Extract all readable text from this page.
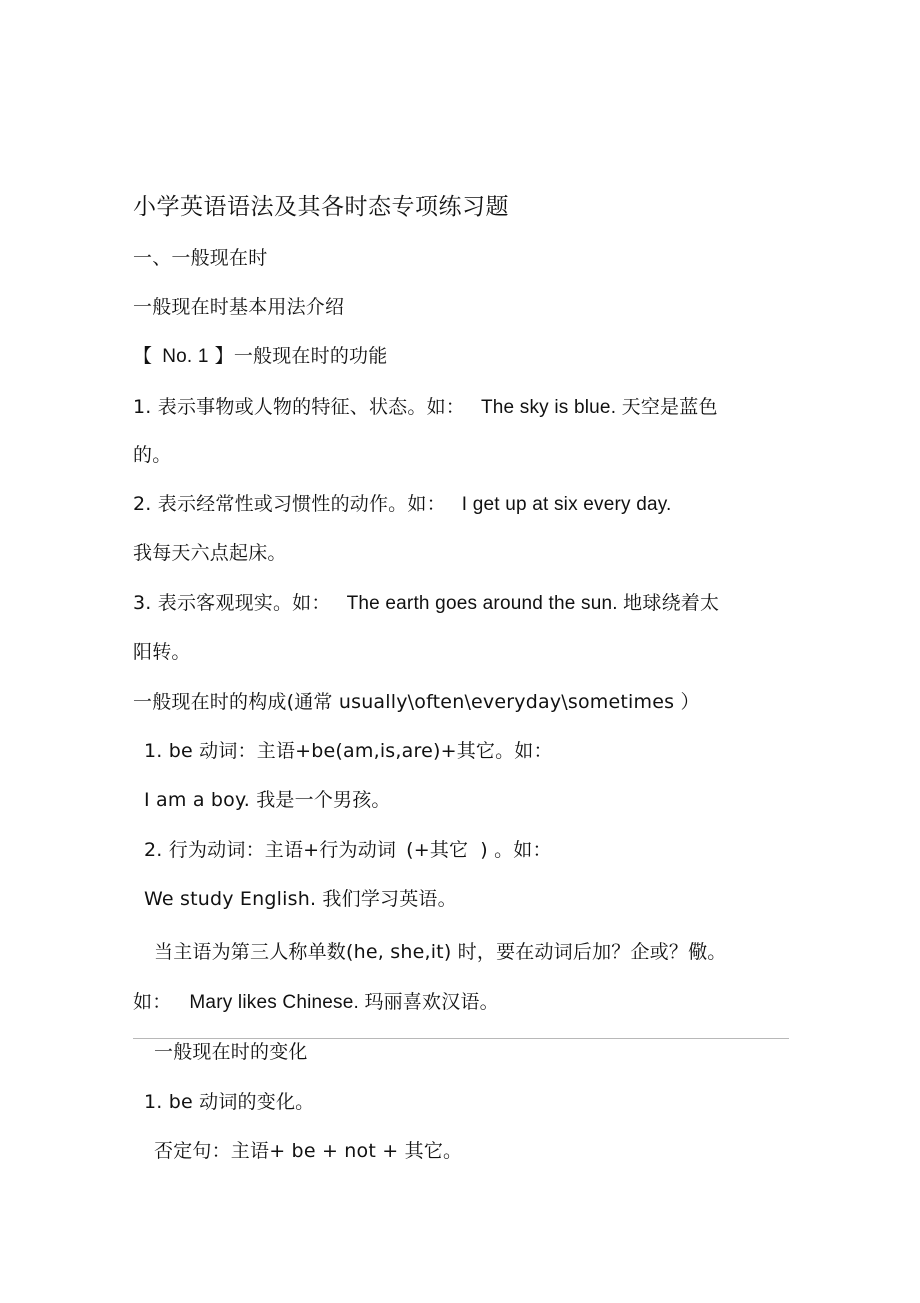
小学英语语法及其各时态专项练习题
一、一般现在时
一般现在时基本用法介绍
【 No. 1 】一般现在时的功能
1. 表示事物或人物的特征、状态。如： The sky is blue. 天空是蓝色
的。
2. 表示经常性或习惯性的动作。如： I get up at six every day.
我每天六点起床。
3. 表示客观现实。如： The earth goes around the sun. 地球绕着太
阳转。
一般现在时的构成(通常 usually\often\everyday\sometimes ）
1. be 动词：主语+be(am,is,are)+其它。如：
I am a boy. 我是一个男孩。
2. 行为动词：主语+行为动词 (+其它 ) 。如：
We study English. 我们学习英语。
当主语为第三人称单数(he, she,it) 时，要在动词后加？企或？儆。
如： Mary likes Chinese. 玛丽喜欢汉语。
一般现在时的变化
1. be 动词的变化。
否定句：主语+ be + not + 其它。
